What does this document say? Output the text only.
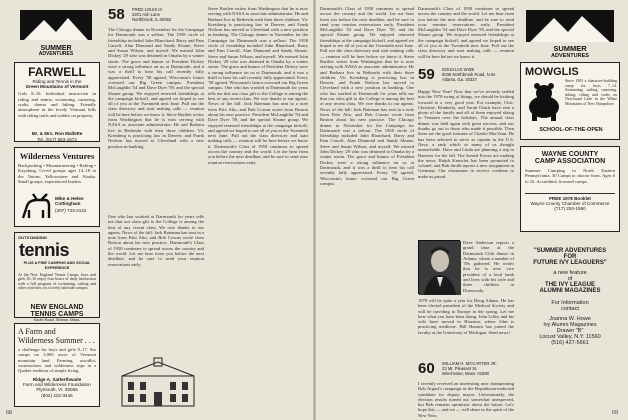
68	69
SUMMER
ADVENTURES
FARWELL
Riding and Tennis in the
Green Mountains of Vermont
Girls 8–16. Individual instruction in riding and tennis; swimming, canoeing, crafts, drama and hiking. Friendly atmosphere in the lovely Vermont hills with riding trails and stables on property.
Mr. & Mrs. Ron Mallette
Tel. (617) 583-1672
Wilderness Ventures
Backpacking • Mountaineering • Rafting • Kayaking. Co-ed groups ages 14–18 in the Tetons, Yellowstone and Alaska. Small groups, experienced leaders.
Mike & Helen Cottingham
(307) 733-2122
OUTSTANDING
tennis
PLUS A FINE CAMPING AND SOCIAL EXPERIENCE
At the New England Tennis Camps, boys and girls 10–16 enjoy four hours of daily instruction with a full program of swimming, sailing and other activities on a lovely lakeside campus.
NEW ENGLAND
TENNIS CAMPS
South Road, Sharon, Mass.
A Farm and
Wilderness Summer . . .
a challenge for boys and girls 9–17. Six camps on 3,000 acres of Vermont mountain land. Farming, woodlot, construction, and wilderness trips in a Quaker tradition of simple living.
Ridge A. Satterthwaite
Farm and Wilderness Foundation
Plymouth, Vt. 05056
(802) 422-3445
58 FRED LOUIS III
2201 Ash Lane
Northbrook, IL 60062
The Chicago dinner in November for the Campaign for Dartmouth was a sellout. The 1958 circle of friendship included John Blanchard, Barry and Pam Carroll, Alan Diamond and Sandy Sloane, Steve and Susan Wilson, and myself. We missed John Dickey '29 who was detained in Omaha by a winter storm. The grace and humor of President Dickey were a strong influence on us at Dartmouth, and it was a thrill to hear his call recently fully appreciated. Every '58 agreed, Wisconsin's honor crowned our Big Green campus. President McLaughlin '54 and Dave Dyer '59, and the special Sloane group. We enjoyed renewed friendships at the campaign kickoff, and agreed we hoped to see all of you at the Twentieth next June. Pull out the class directory and start making calls — reunion will be here before we know it. Steve Bartlett writes from Washington that he is now serving with NASA as associate administrator. He and Barbara live in Bethesda with their three children. Vic Kreisberg is practicing law in Denver, and Frank Neilson has moved to Cleveland with a new position in banking.
One who has worked at Dartmouth for years tells me that our class gift to the College is among the best of any recent class. We owe thanks to our agents. News of the fall: Jack Bateman has sent in a note from Palo Alto, and Bob Cowan wrote from Boston about his new practice. Dartmouth's Class of 1958 continues to spread across the country and the world. Let me hear from you before the next deadline, and be sure to send your reunion reservations early.
Steve Bartlett writes from Washington that he is now serving with NASA as associate administrator. He and Barbara live in Bethesda with their three children. Vic Kreisberg is practicing law in Denver, and Frank Neilson has moved to Cleveland with a new position in banking. The Chicago dinner in November for the Campaign for Dartmouth was a sellout. The 1958 circle of friendship included John Blanchard, Barry and Pam Carroll, Alan Diamond and Sandy Sloane, Steve and Susan Wilson, and myself. We missed John Dickey '29 who was detained in Omaha by a winter storm. The grace and humor of President Dickey were a strong influence on us at Dartmouth, and it was a thrill to hear his call recently fully appreciated. Every '58 agreed, Wisconsin's honor crowned our Big Green campus. One who has worked at Dartmouth for years tells me that our class gift to the College is among the best of any recent class. We owe thanks to our agents. News of the fall: Jack Bateman has sent in a note from Palo Alto, and Bob Cowan wrote from Boston about his new practice. President McLaughlin '54 and Dave Dyer '59, and the special Sloane group. We enjoyed renewed friendships at the campaign kickoff, and agreed we hoped to see all of you at the Twentieth next June. Pull out the class directory and start making calls — reunion will be here before we know it. Dartmouth's Class of 1958 continues to spread across the country and the world. Let me hear from you before the next deadline, and be sure to send your reunion reservations early.
Dartmouth's Class of 1958 continues to spread across the country and the world. Let me hear from you before the next deadline, and be sure to send your reunion reservations early. President McLaughlin '54 and Dave Dyer '59, and the special Sloane group. We enjoyed renewed friendships at the campaign kickoff, and agreed we hoped to see all of you at the Twentieth next June. Pull out the class directory and start making calls — reunion will be here before we know it. Steve Bartlett writes from Washington that he is now serving with NASA as associate administrator. He and Barbara live in Bethesda with their three children. Vic Kreisberg is practicing law in Denver, and Frank Neilson has moved to Cleveland with a new position in banking. One who has worked at Dartmouth for years tells me that our class gift to the College is among the best of any recent class. We owe thanks to our agents. News of the fall: Jack Bateman has sent in a note from Palo Alto, and Bob Cowan wrote from Boston about his new practice. The Chicago dinner in November for the Campaign for Dartmouth was a sellout. The 1958 circle of friendship included John Blanchard, Barry and Pam Carroll, Alan Diamond and Sandy Sloane, Steve and Susan Wilson, and myself. We missed John Dickey '29 who was detained in Omaha by a winter storm. The grace and humor of President Dickey were a strong influence on us at Dartmouth, and it was a thrill to hear his call recently fully appreciated. Every '58 agreed, Wisconsin's honor crowned our Big Green campus.
59 DOUGLAS WISE
5039 Northbrook Road, N.W.
Atlanta, Ga. 30327
Dartmouth's Class of 1958 continues to spread across the country and the world. Let me hear from you before the next deadline, and be sure to send your reunion reservations early. President McLaughlin '54 and Dave Dyer '59, and the special Sloane group. We enjoyed renewed friendships at the campaign kickoff, and agreed we hoped to see all of you at the Twentieth next June. Pull out the class directory and start making calls — reunion will be here before we know it.
Happy New Year! Now that we've recently settled into the 1978 swing of things, we should be looking forward to a very good year. For example, Chic, Christine, Kimberly, and Sarah Gluck have sent a photo of the family and all of them enjoyed skiing in Vermont over the holidays. The annual class dinner was held again with great success, and our thanks go out to those who made it possible. Then there are the good fortunes of Charlie MacVean. He has been selected to serve as captain in the U.S. Navy, a rank which so many of us thought unreachable. Dave and Linda are planning a trip to Hanover for the fall. The Armed Forces are making the news. Ralph Knowles has been promoted to colonel, and Bob Smith reports a new assignment in Germany. Our classmates in service continue to make us proud.
Dave Anderson reports a grand time at the Dartmouth Club dinner in Atlanta, where a number of '59s gathered. He writes that he is now vice president of a local bank and lives with his wife and three children in Dunwoody.
1978 will be quite a year for Doug Adams. He has been elected president of the Medical Society and will be traveling to Europe in the spring. Let me hear what you have been doing. John Lilley and his wife have moved to Houston, where John is practicing medicine. Bill Hansen has joined the faculty at the University of Michigan. Send news!
60 WILLIAM H. MCCARTER JR.
23 Mt. Pleasant St.
Winchester, Mass. 01890
I recently received an interesting note championing Bob Argust's campaign as the Republican-endorsed candidate for deputy mayor. Unfortunately, the election results turned out somewhat unexpected, but Bob remains optimistic about the future. Let's hope this — and we — will share in the spirit of the New Year.
SUMMER
ADVENTURES
MOWGLIS
Since 1903 a character-building camp for boys 7–14. Swimming, sailing, canoeing, hiking, riding and crafts on Newfound Lake in the White Mountains of New Hampshire.
SCHOOL-OF-THE-OPEN
WAYNE COUNTY
CAMP ASSOCIATION
Summer Camping in North Eastern Pennsylvania. 30 Camps to choose from, Ages 6 to 16. Accredited, licensed camps.
FREE 1978 Booklet
Wayne County Chamber of Commerce
(717) 253-1960
"SUMMER ADVENTURES
FOR
FUTURE IVY LEAGUERS"
a new feature
of
THE IVY LEAGUE
ALUMNI MAGAZINES
For Information
contact
Joanna W. Howe
Ivy Alumni Magazines
Drawer "B"
Locust Valley, N.Y. 11560
(516) 427-5661
